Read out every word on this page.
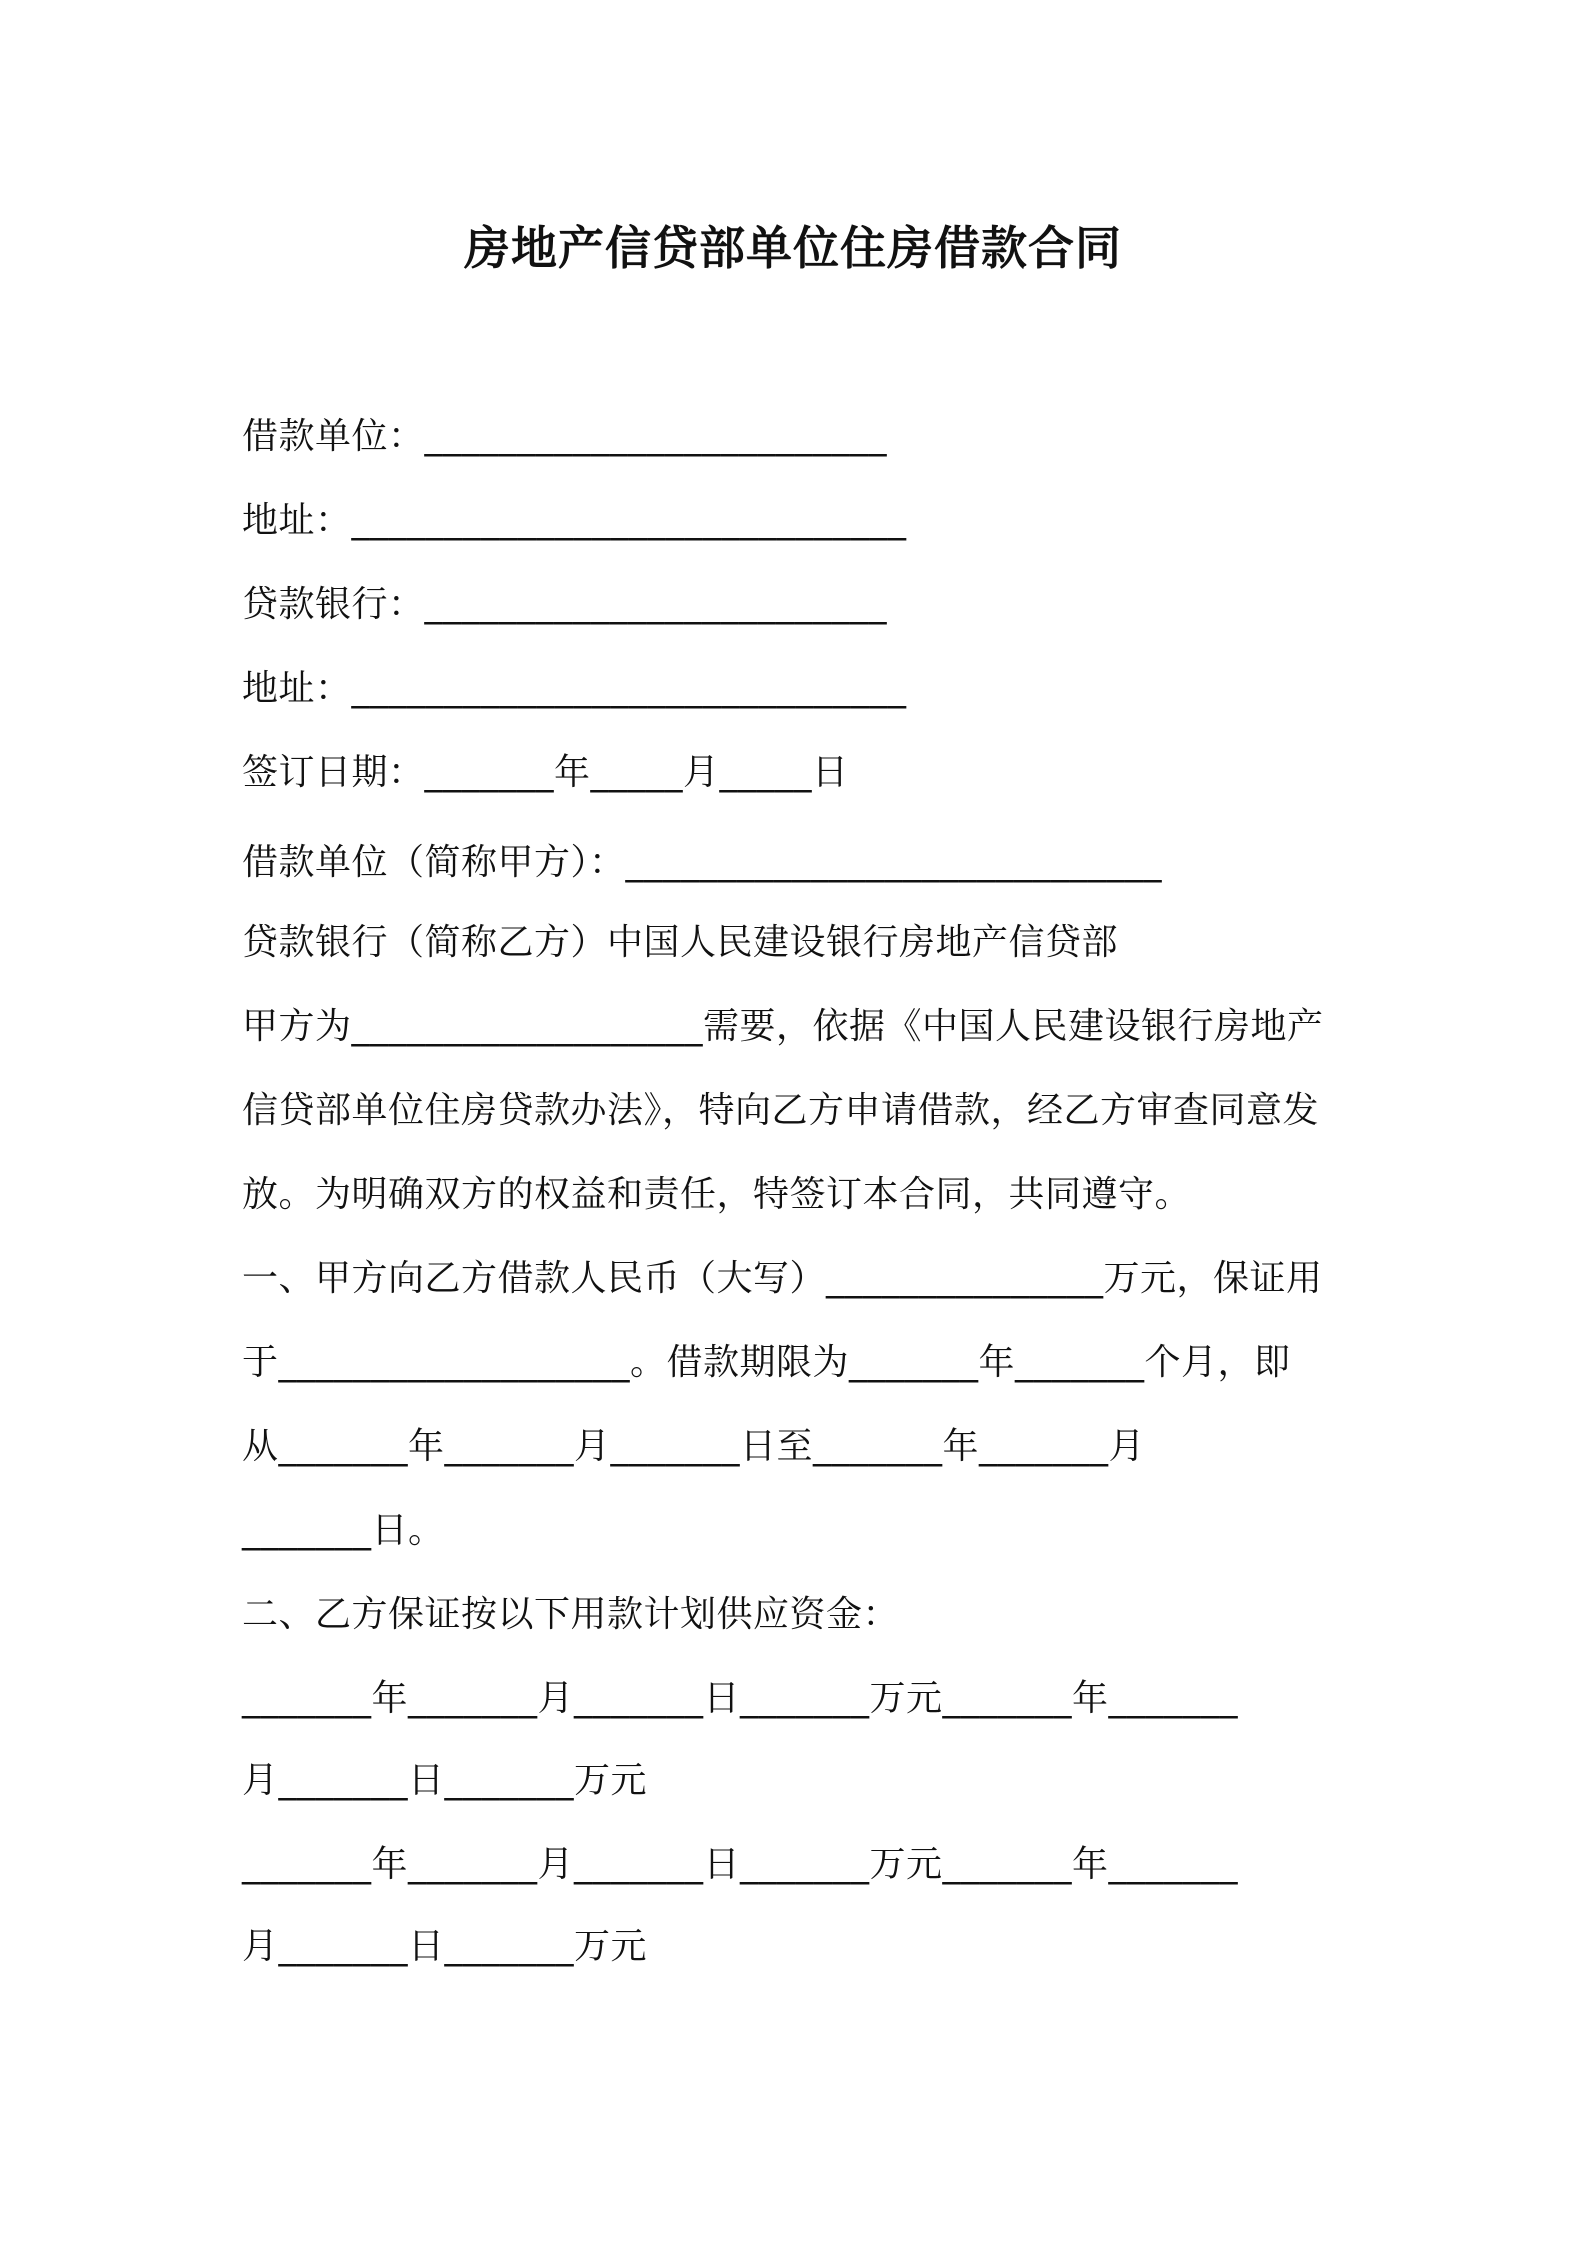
房地产信贷部单位住房借款合同
借款单位：_________________________
地址：______________________________
贷款银行：_________________________
地址：______________________________
签订日期：_______年_____月_____日
借款单位（简称甲方）：_____________________________
贷款银行（简称乙方）中国人民建设银行房地产信贷部
甲方为___________________需要，依据《中国人民建设银行房地产
信贷部单位住房贷款办法》，特向乙方申请借款，经乙方审查同意发
放。为明确双方的权益和责任，特签订本合同，共同遵守。
一、甲方向乙方借款人民币（大写）_______________万元，保证用
于___________________。借款期限为_______年_______个月，即
从_______年_______月_______日至_______年_______月
_______日。
二、乙方保证按以下用款计划供应资金：
_______年_______月_______日_______万元_______年_______
月_______日_______万元
_______年_______月_______日_______万元_______年_______
月_______日_______万元
